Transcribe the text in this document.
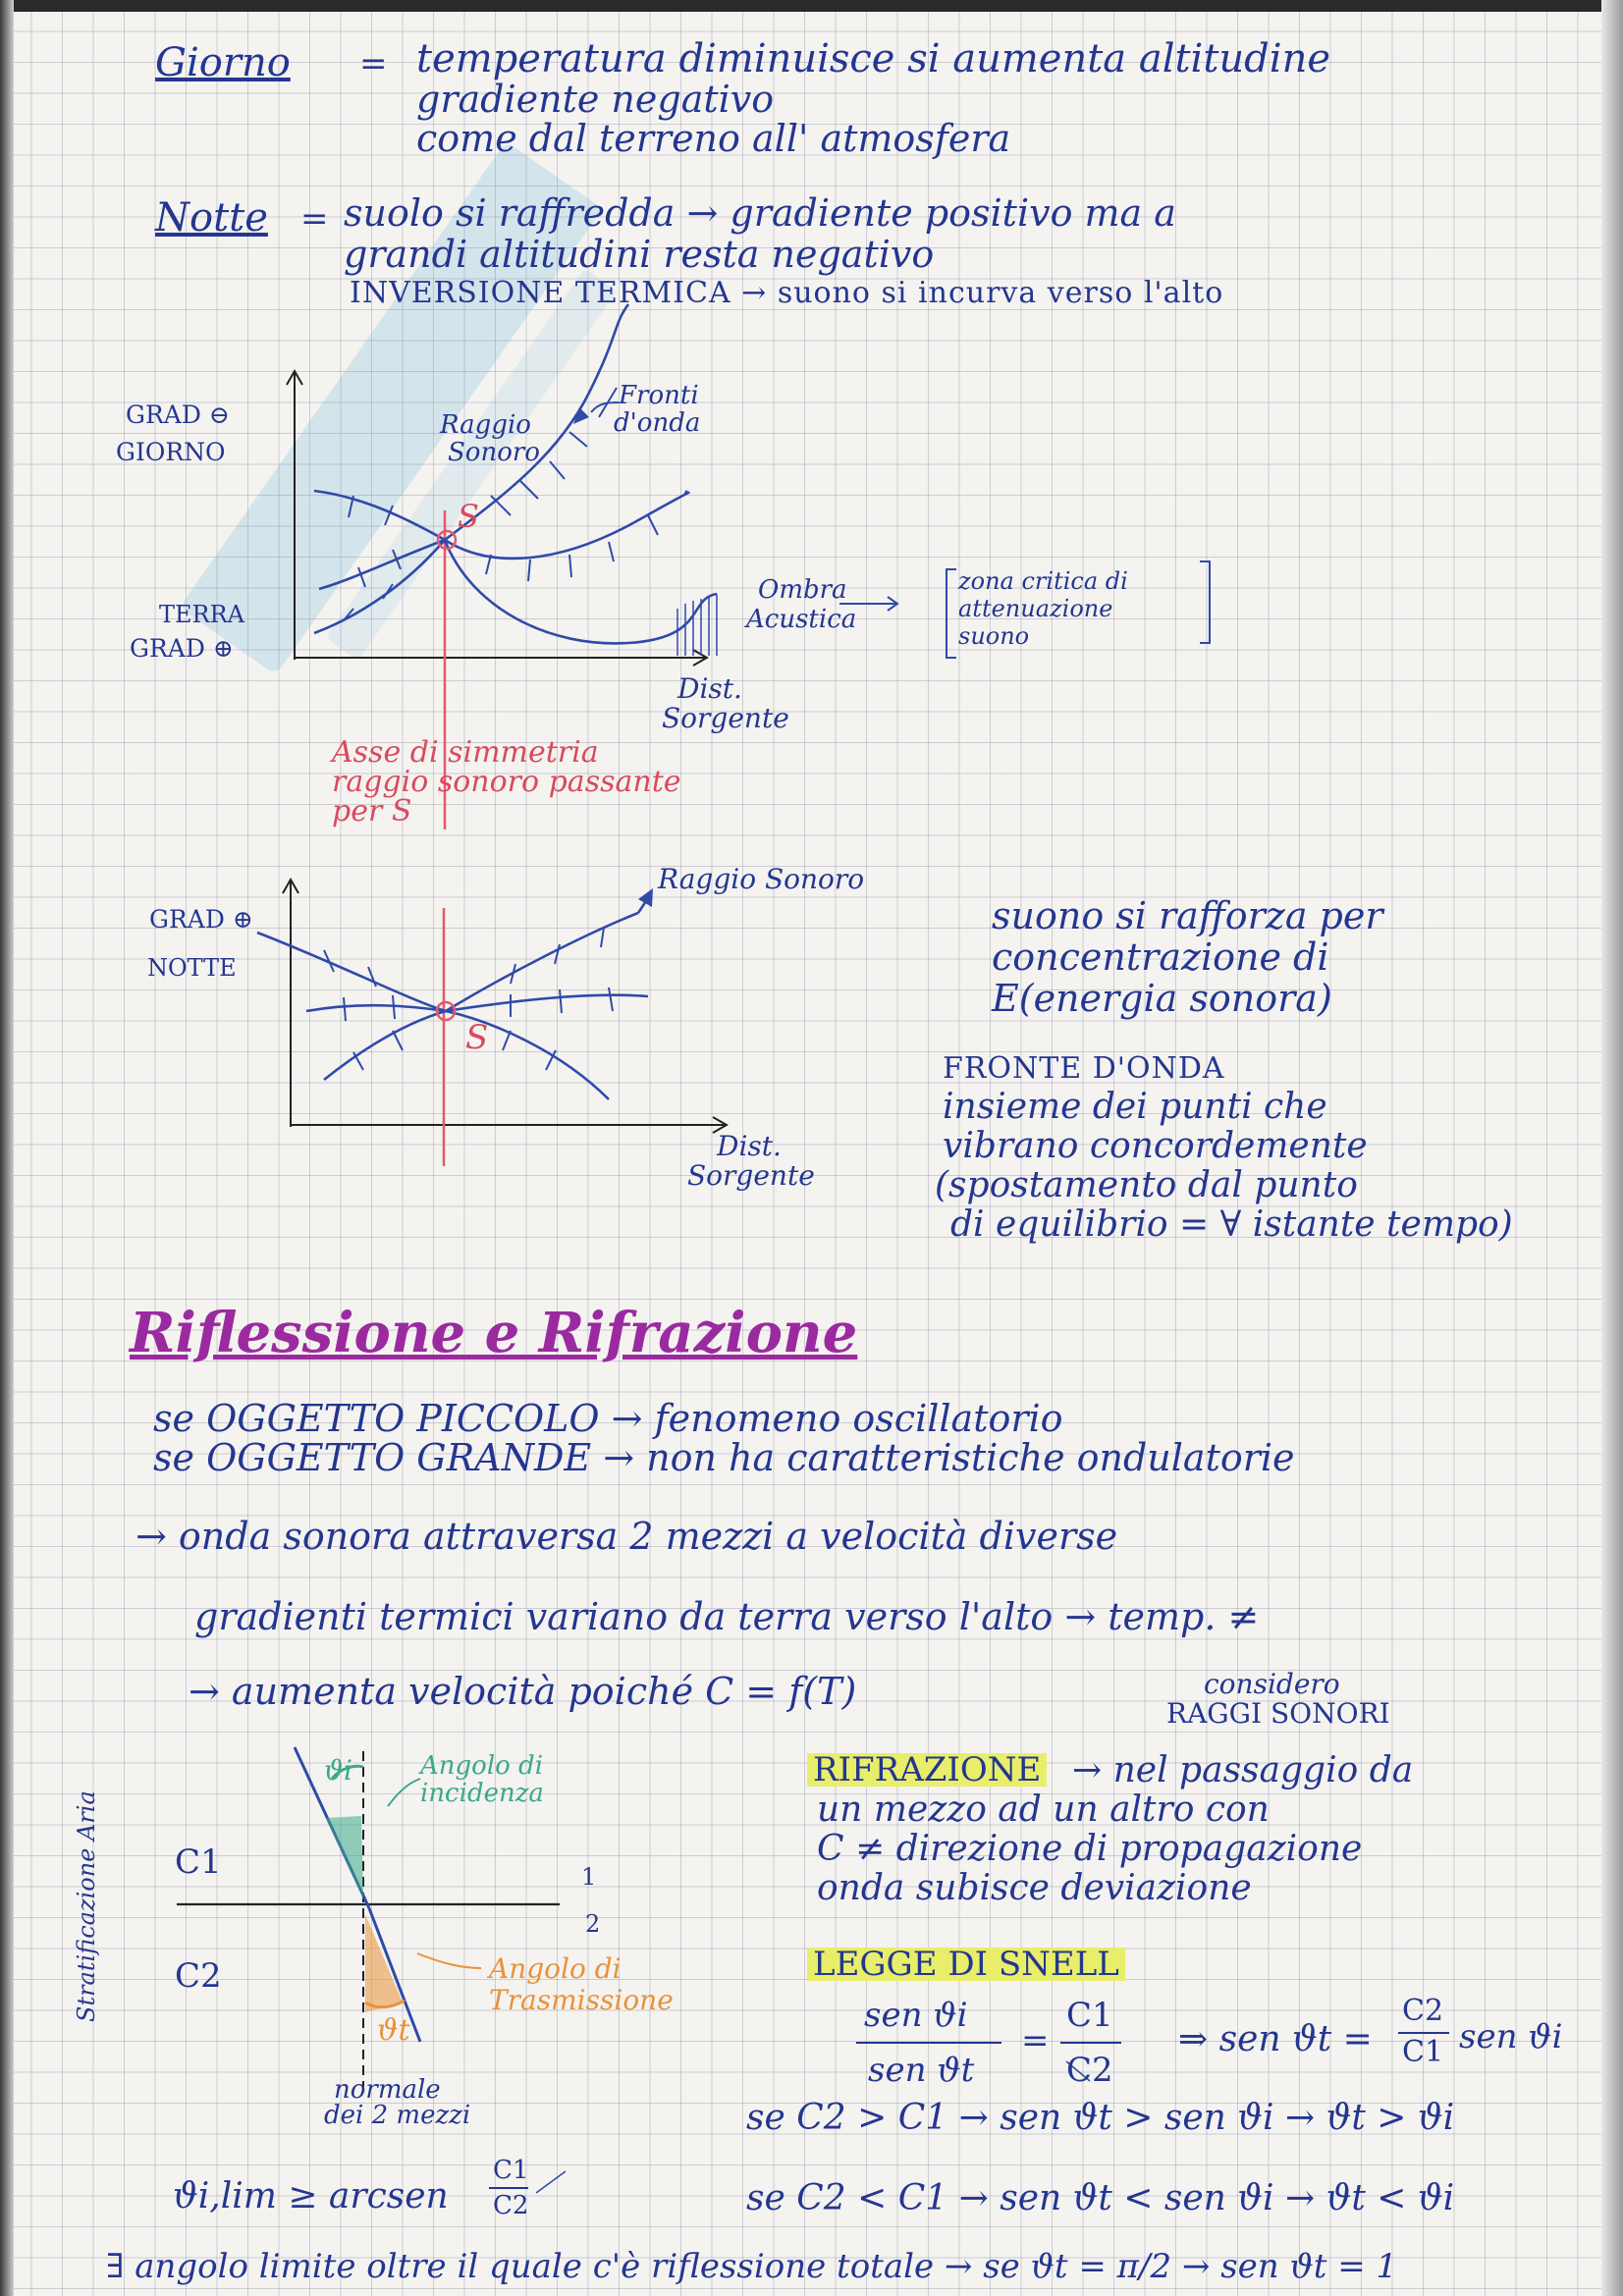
Giorno = temperatura diminuisce si aumenta altitudine
gradiente negativo
come dal terreno all' atmosfera
Notte = suolo si raffredda → gradiente positivo ma a
grandi altitudini resta negativo
INVERSIONE TERMICA → suono si incurva verso l'alto
GRAD ⊖
GIORNO
TERRA
GRAD ⊕
Raggio
Sonoro
Fronti
d'onda
S
Ombra
Acustica
zona critica di
attenuazione
suono
Dist.
Sorgente
Asse di simmetria
raggio sonoro passante
per S
GRAD ⊕
NOTTE
Raggio Sonoro
S
Dist.
Sorgente
suono si rafforza per
concentrazione di
E(energia sonora)
FRONTE D'ONDA
insieme dei punti che
vibrano concordemente
(spostamento dal punto
di equilibrio = ∀ istante tempo)
Riflessione e Rifrazione
se OGGETTO PICCOLO → fenomeno oscillatorio
se OGGETTO GRANDE → non ha caratteristiche ondulatorie
→ onda sonora attraversa 2 mezzi a velocità diverse
gradienti termici variano da terra verso l'alto → temp. ≠
→ aumenta velocità poiché C = f(T)	considero
RAGGI SONORI
Stratificazione Aria
Angolo di
incidenza
ϑi
C1
C2
1
2
Angolo di
Trasmissione
ϑt
normale
dei 2 mezzi
RIFRAZIONE → nel passaggio da
un mezzo ad un altro con
C ≠ direzione di propagazione
onda subisce deviazione
LEGGE DI SNELL
sen ϑi
sen ϑt
=
C1
C2
⇒ sen ϑt =
C2
C1 sen ϑi
se C2 > C1 → sen ϑt > sen ϑi → ϑt > ϑi
se C2 < C1 → sen ϑt < sen ϑi → ϑt < ϑi
ϑi,lim ≥ arcsen
C1
C2
∃ angolo limite oltre il quale c'è riflessione totale → se ϑt = π/2 → sen ϑt = 1
